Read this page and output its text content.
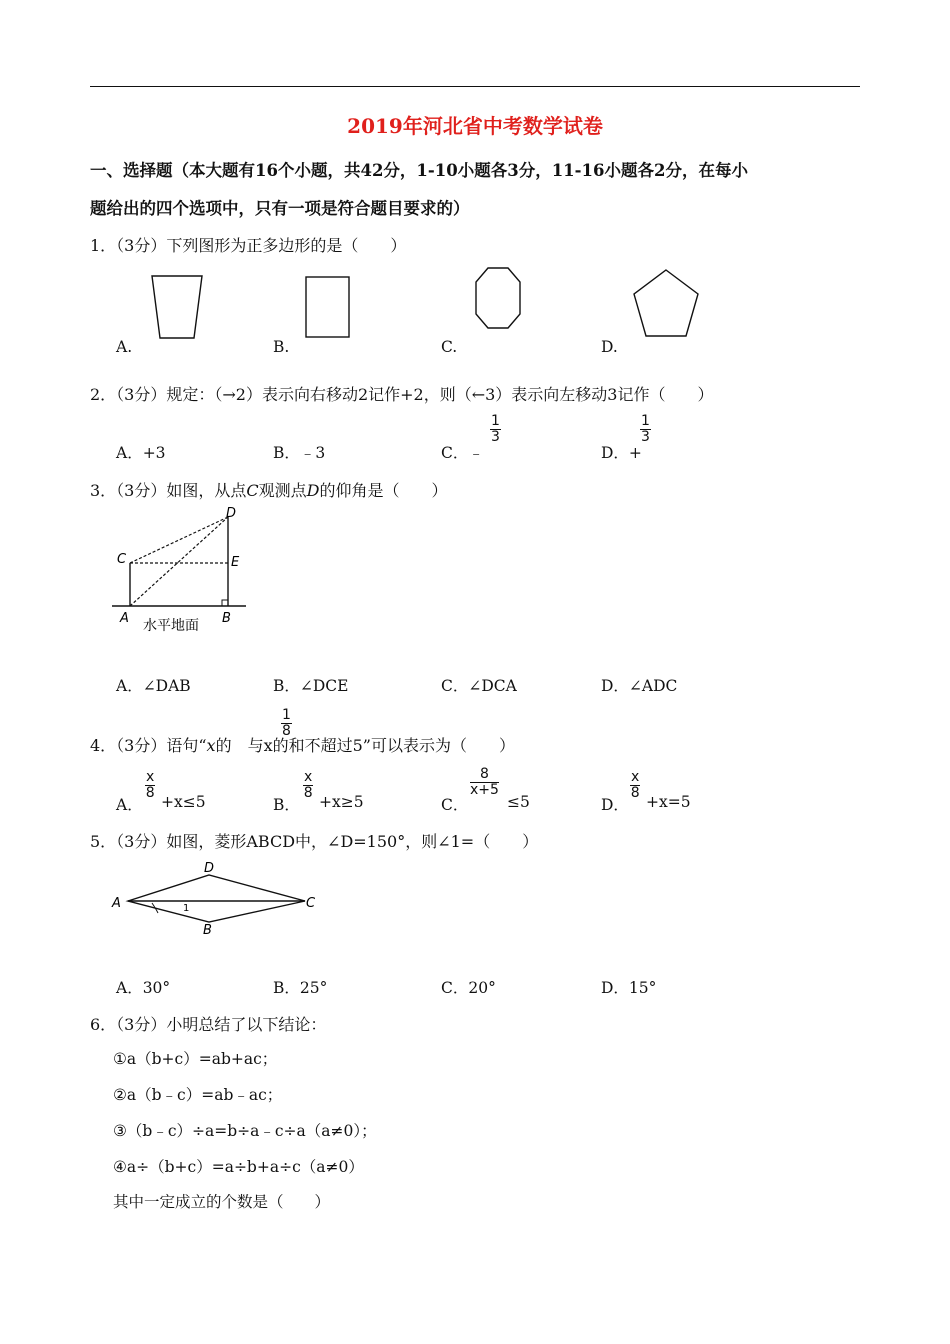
2019年河北省中考数学试卷
一、选择题（本大题有16个小题，共42分，1-10小题各3分，11-16小题各2分，在每小
题给出的四个选项中，只有一项是符合题目要求的）
1．（3分）下列图形为正多边形的是（　　）
A.	B.	C.	D.
2．（3分）规定：（→2）表示向右移动2记作+2，则（←3）表示向左移动3记作（　　）
A．+3	B．﹣3	C．﹣
$\frac{1}{3}$
D．+
$\frac{1}{3}$
3．（3分）如图，从点C观测点D的仰角是（　　）
D
C	E
A	B
水平地面
A．∠DAB	B．∠DCE	C．∠DCA	D．∠ADC
4．（3分）语句“x的 与x的和不超过5”可以表示为（　　）
$\frac{1}{8}$
A．
$\frac{x}{8}$
+x≤5	B．
$\frac{x}{8}$
+x≥5	C．
$\frac{8}{x+5}$
≤5	D．
$\frac{x}{8}$
+x=5
5．（3分）如图，菱形ABCD中，∠D=150°，则∠1=（　　）
A
D
C
B
1
A．30°	B．25°	C．20°	D．15°
6．（3分）小明总结了以下结论：
①a（b+c）=ab+ac；
②a（b﹣c）=ab﹣ac；
③（b﹣c）÷a=b÷a﹣c÷a（a≠0）；
④a÷（b+c）=a÷b+a÷c（a≠0）
其中一定成立的个数是（　　）
